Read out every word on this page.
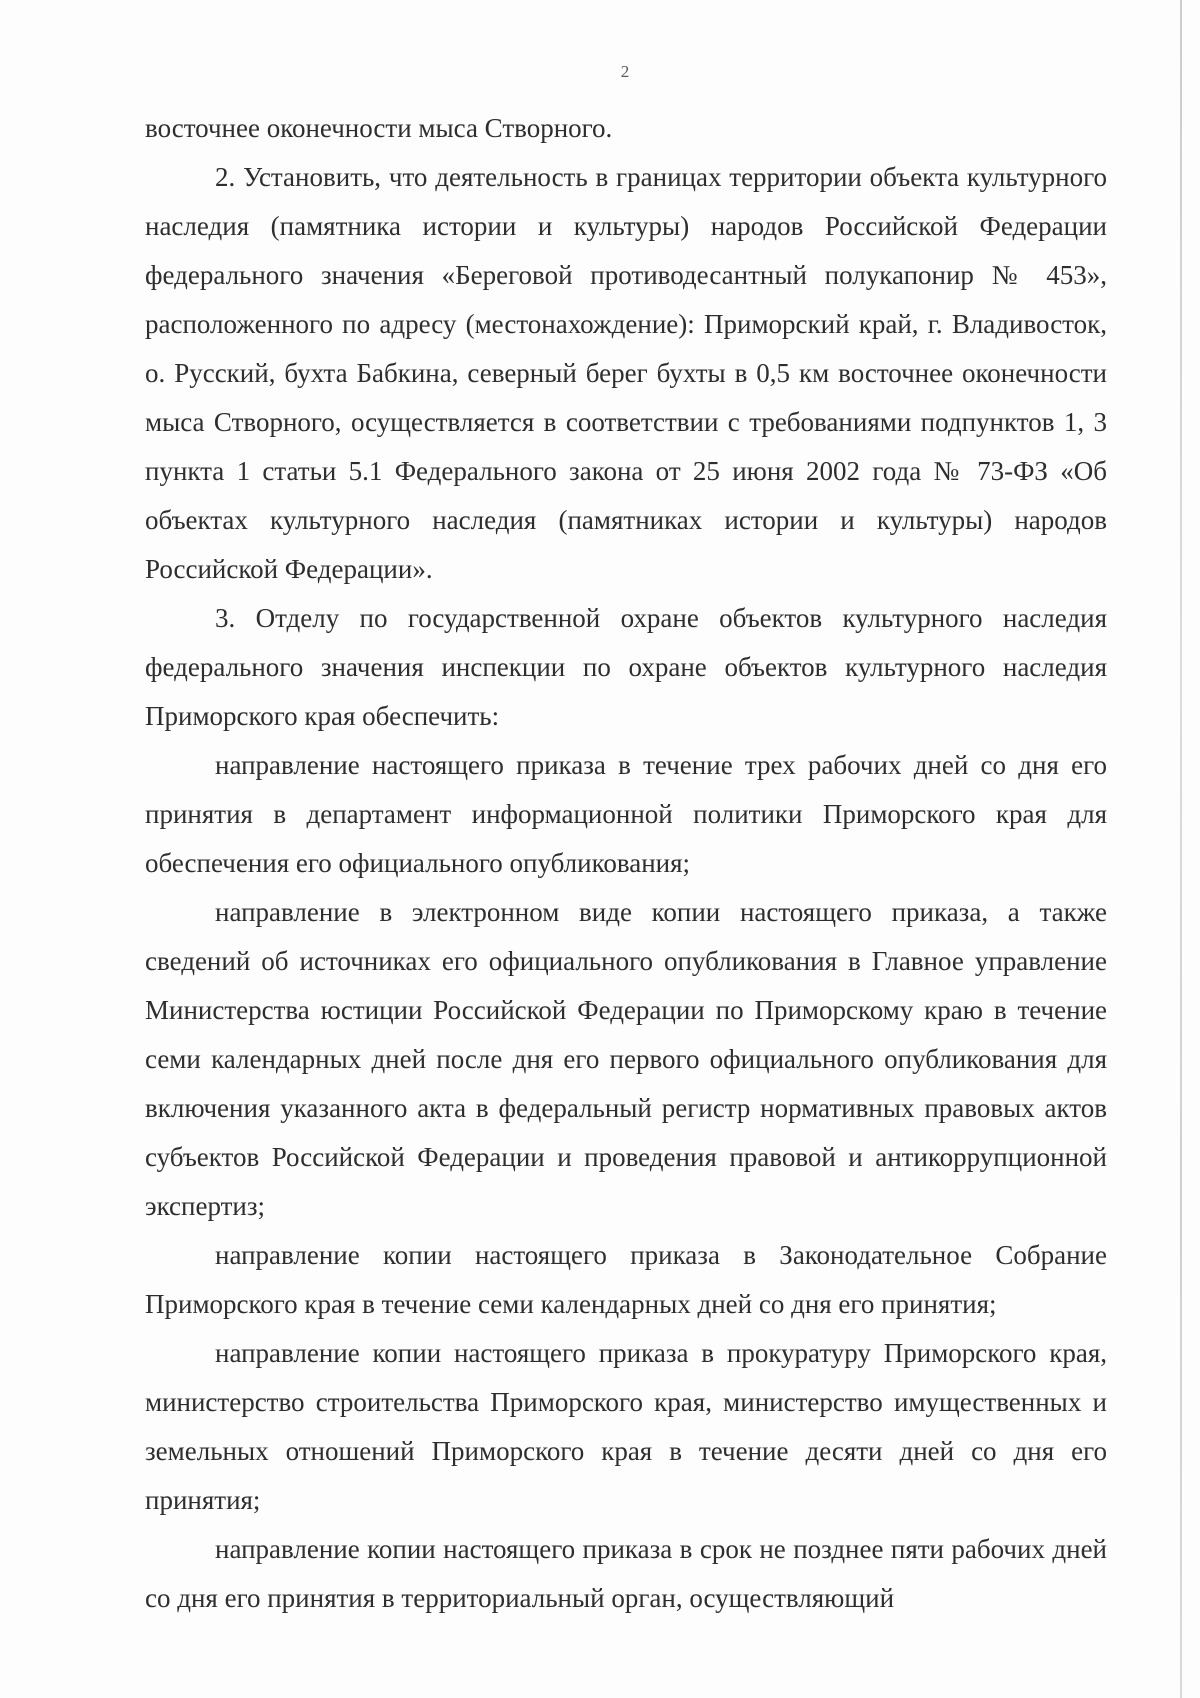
2

восточнее оконечности мыса Створного.

2. Установить, что деятельность в границах территории объекта культурного наследия (памятника истории и культуры) народов Российской Федерации федерального значения «Береговой противодесантный полукапонир № 453», расположенного по адресу (местонахождение): Приморский край, г. Владивосток, о. Русский, бухта Бабкина, северный берег бухты в 0,5 км восточнее оконечности мыса Створного, осуществляется в соответствии с требованиями подпунктов 1, 3 пункта 1 статьи 5.1 Федерального закона от 25 июня 2002 года № 73-ФЗ «Об объектах культурного наследия (памятниках истории и культуры) народов Российской Федерации».

3. Отделу по государственной охране объектов культурного наследия федерального значения инспекции по охране объектов культурного наследия Приморского края обеспечить:

направление настоящего приказа в течение трех рабочих дней со дня его принятия в департамент информационной политики Приморского края для обеспечения его официального опубликования;

направление в электронном виде копии настоящего приказа, а также сведений об источниках его официального опубликования в Главное управление Министерства юстиции Российской Федерации по Приморскому краю в течение семи календарных дней после дня его первого официального опубликования для включения указанного акта в федеральный регистр нормативных правовых актов субъектов Российской Федерации и проведения правовой и антикоррупционной экспертиз;

направление копии настоящего приказа в Законодательное Собрание Приморского края в течение семи календарных дней со дня его принятия;

направление копии настоящего приказа в прокуратуру Приморского края, министерство строительства Приморского края, министерство имущественных и земельных отношений Приморского края в течение десяти дней со дня его принятия;

направление копии настоящего приказа в срок не позднее пяти рабочих дней со дня его принятия в территориальный орган, осуществляющий
